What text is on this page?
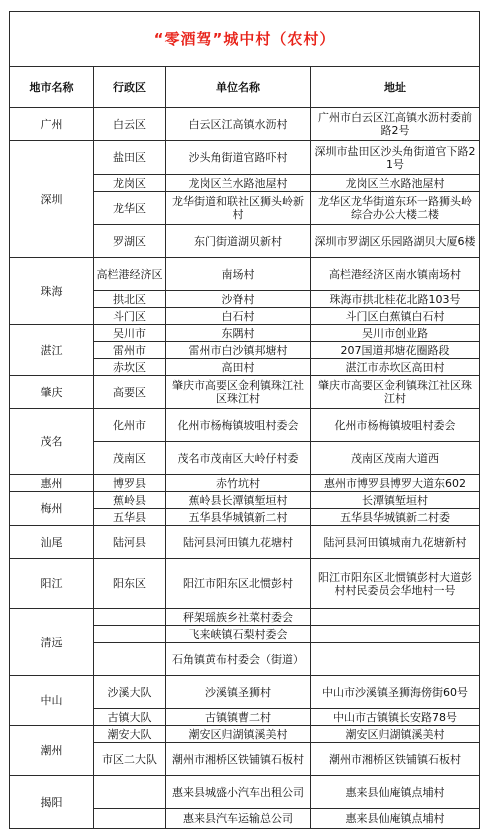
“零酒驾”城中村（农村）			
地市名称	行政区	单位名称	地址
广州	白云区	白云区江高镇水沥村	广州市白云区江高镇水沥村委前路2号
深圳	盐田区	沙头角街道官路吓村	深圳市盐田区沙头角街道官下路21号
	龙岗区	龙岗区兰水路池屋村	龙岗区兰水路池屋村
	龙华区	龙华街道和联社区狮头岭新村	龙华区龙华街道东环一路狮头岭综合办公大楼二楼
	罗湖区	东门街道湖贝新村	深圳市罗湖区乐园路湖贝大厦6楼
珠海	高栏港经济区	南场村	高栏港经济区南水镇南场村
	拱北区	沙脊村	珠海市拱北桂花北路103号
	斗门区	白石村	斗门区白蕉镇白石村
湛江	吴川市	东隅村	吴川市创业路
	雷州市	雷州市白沙镇邦塘村	207国道邦塘花圈路段
	赤坎区	高田村	湛江市赤坎区高田村
肇庆	高要区	肇庆市高要区金利镇珠江社区珠江村	肇庆市高要区金利镇珠江社区珠江村
茂名	化州市	化州市杨梅镇坡咀村委会	化州市杨梅镇坡咀村委会
	茂南区	茂名市茂南区大岭仔村委	茂南区茂南大道西
惠州	博罗县	赤竹坑村	惠州市博罗县博罗大道东602
梅州	蕉岭县	蕉岭县长潭镇堑垣村	长潭镇堑垣村
	五华县	五华县华城镇新二村	五华县华城镇新二村委
汕尾	陆河县	陆河县河田镇九花塘村	陆河县河田镇城南九花塘新村
阳江	阳东区	阳江市阳东区北惯彭村	阳江市阳东区北惯镇彭村大道彭村村民委员会华地村一号
清远		秤架瑶族乡社菜村委会	
		飞来峡镇石梨村委会	
		石角镇黄布村委会（街道）	
中山	沙溪大队	沙溪镇圣狮村	中山市沙溪镇圣狮海傍街60号
	古镇大队	古镇镇曹二村	中山市古镇镇长安路78号
潮州	潮安大队	潮安区归湖镇溪美村	潮安区归湖镇溪美村
	市区二大队	潮州市湘桥区铁铺镇石板村	潮州市湘桥区铁铺镇石板村
揭阳		惠来县城盛小汽车出租公司	惠来县仙庵镇点埔村
		惠来县汽车运输总公司	惠来县仙庵镇点埔村
